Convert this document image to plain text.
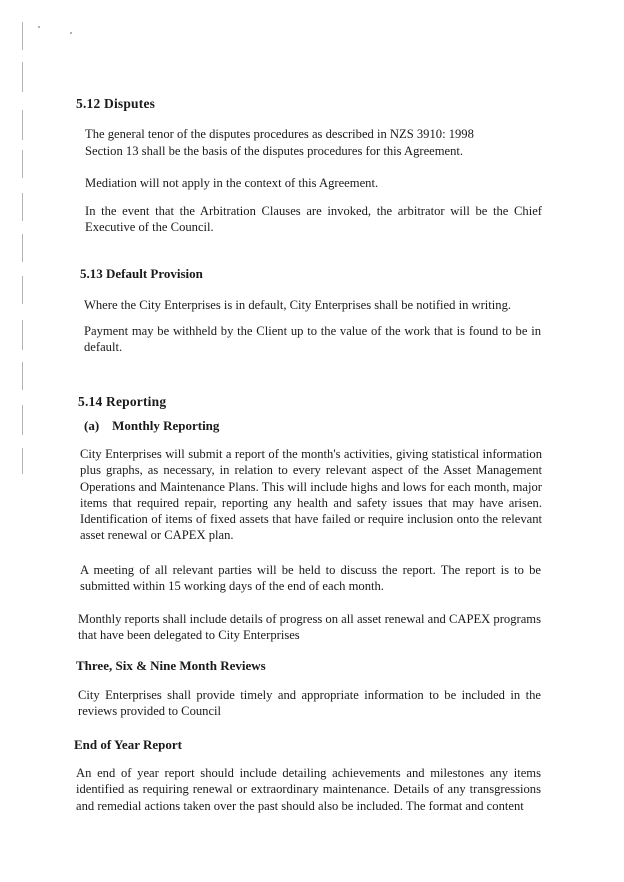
5.12 Disputes

The general tenor of the disputes procedures as described in NZS 3910: 1998

Section 13 shall be the basis of the disputes procedures for this Agreement.

Mediation will not apply in the context of this Agreement.

In the event that the Arbitration Clauses are invoked, the arbitrator will be the Chief Executive of the Council.

5.13 Default Provision

Where the City Enterprises is in default, City Enterprises shall be notified in writing.

Payment may be withheld by the Client up to the value of the work that is found to be in default.

5.14 Reporting
(a)    Monthly Reporting

City Enterprises will submit a report of the month's activities, giving statistical information plus graphs, as necessary, in relation to every relevant aspect of the Asset Management Operations and Maintenance Plans. This will include highs and lows for each month, major items that required repair, reporting any health and safety issues that may have arisen. Identification of items of fixed assets that have failed or require inclusion onto the relevant asset renewal or CAPEX plan.

A meeting of all relevant parties will be held to discuss the report. The report is to be submitted within 15 working days of the end of each month.

Monthly reports shall include details of progress on all asset renewal and CAPEX programs that have been delegated to City Enterprises

Three, Six & Nine Month Reviews

City Enterprises shall provide timely and appropriate information to be included in the reviews provided to Council

End of Year Report

An end of year report should include detailing achievements and milestones any items identified as requiring renewal or extraordinary maintenance. Details of any transgressions and remedial actions taken over the past should also be included. The format and content
